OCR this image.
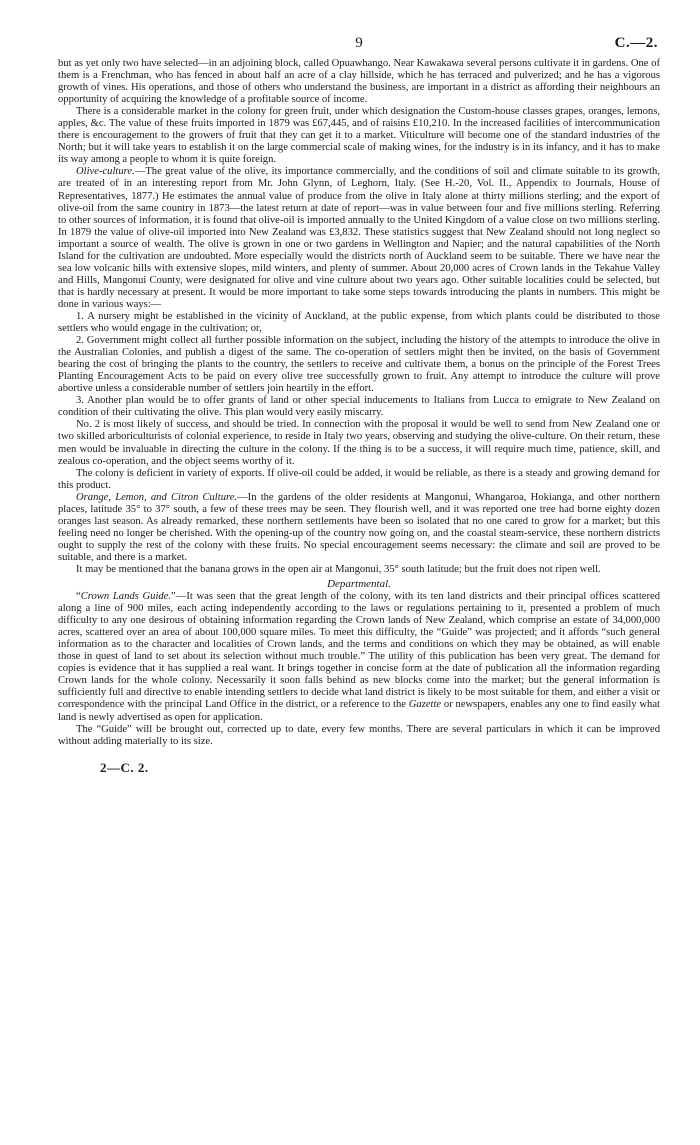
9	C.—2.

but as yet only two have selected—in an adjoining block, called Opuawhango. Near Kawakawa several persons cultivate it in gardens. One of them is a Frenchman, who has fenced in about half an acre of a clay hillside, which he has terraced and pulverized; and he has a vigorous growth of vines. His operations, and those of others who understand the business, are important in a district as affording their neighbours an opportunity of acquiring the knowledge of a profitable source of income.

There is a considerable market in the colony for green fruit, under which designation the Custom-house classes grapes, oranges, lemons, apples, &c. The value of these fruits imported in 1879 was £67,445, and of raisins £10,210. In the increased facilities of intercommunication there is encouragement to the growers of fruit that they can get it to a market. Viticulture will become one of the standard industries of the North; but it will take years to establish it on the large commercial scale of making wines, for the industry is in its infancy, and it has to make its way among a people to whom it is quite foreign.

Olive-culture.—The great value of the olive, its importance commercially, and the conditions of soil and climate suitable to its growth, are treated of in an interesting report from Mr. John Glynn, of Leghorn, Italy. (See H.-20, Vol. II., Appendix to Journals, House of Representatives, 1877.) He estimates the annual value of produce from the olive in Italy alone at thirty millions sterling; and the export of olive-oil from the same country in 1873—the latest return at date of report—was in value between four and five millions sterling. Referring to other sources of information, it is found that olive-oil is imported annually to the United Kingdom of a value close on two millions sterling. In 1879 the value of olive-oil imported into New Zealand was £3,832. These statistics suggest that New Zealand should not long neglect so important a source of wealth. The olive is grown in one or two gardens in Wellington and Napier; and the natural capabilities of the North Island for the cultivation are undoubted. More especially would the districts north of Auckland seem to be suitable. There we have near the sea low volcanic hills with extensive slopes, mild winters, and plenty of summer. About 20,000 acres of Crown lands in the Tekahue Valley and Hills, Mangonui County, were designated for olive and vine culture about two years ago. Other suitable localities could be selected, but that is hardly necessary at present. It would be more important to take some steps towards introducing the plants in numbers. This might be done in various ways:—

1. A nursery might be established in the vicinity of Auckland, at the public expense, from which plants could be distributed to those settlers who would engage in the cultivation; or,

2. Government might collect all further possible information on the subject, including the history of the attempts to introduce the olive in the Australian Colonies, and publish a digest of the same. The co-operation of settlers might then be invited, on the basis of Government bearing the cost of bringing the plants to the country, the settlers to receive and cultivate them, a bonus on the principle of the Forest Trees Planting Encouragement Acts to be paid on every olive tree successfully grown to fruit. Any attempt to introduce the culture will prove abortive unless a considerable number of settlers join heartily in the effort.

3. Another plan would be to offer grants of land or other special inducements to Italians from Lucca to emigrate to New Zealand on condition of their cultivating the olive. This plan would very easily miscarry.

No. 2 is most likely of success, and should be tried. In connection with the proposal it would be well to send from New Zealand one or two skilled arboriculturists of colonial experience, to reside in Italy two years, observing and studying the olive-culture. On their return, these men would be invaluable in directing the culture in the colony. If the thing is to be a success, it will require much time, patience, skill, and zealous co-operation, and the object seems worthy of it.

The colony is deficient in variety of exports. If olive-oil could be added, it would be reliable, as there is a steady and growing demand for this product.

Orange, Lemon, and Citron Culture.—In the gardens of the older residents at Mangonui, Whangaroa, Hokianga, and other northern places, latitude 35° to 37° south, a few of these trees may be seen. They flourish well, and it was reported one tree had borne eighty dozen oranges last season. As already remarked, these northern settlements have been so isolated that no one cared to grow for a market; but this feeling need no longer be cherished. With the opening-up of the country now going on, and the coastal steam-service, these northern districts ought to supply the rest of the colony with these fruits. No special encouragement seems necessary: the climate and soil are proved to be suitable, and there is a market.

It may be mentioned that the banana grows in the open air at Mangonui, 35° south latitude; but the fruit does not ripen well.

Departmental.

“Crown Lands Guide.”—It was seen that the great length of the colony, with its ten land districts and their principal offices scattered along a line of 900 miles, each acting independently according to the laws or regulations pertaining to it, presented a problem of much difficulty to any one desirous of obtaining information regarding the Crown lands of New Zealand, which comprise an estate of 34,000,000 acres, scattered over an area of about 100,000 square miles. To meet this difficulty, the “Guide” was projected; and it affords “such general information as to the character and localities of Crown lands, and the terms and conditions on which they may be obtained, as will enable those in quest of land to set about its selection without much trouble.” The utility of this publication has been very great. The demand for copies is evidence that it has supplied a real want. It brings together in concise form at the date of publication all the information regarding Crown lands for the whole colony. Necessarily it soon falls behind as new blocks come into the market; but the general information is sufficiently full and directive to enable intending settlers to decide what land district is likely to be most suitable for them, and either a visit or correspondence with the principal Land Office in the district, or a reference to the Gazette or newspapers, enables any one to find easily what land is newly advertised as open for application.

The “Guide” will be brought out, corrected up to date, every few months. There are several particulars in which it can be improved without adding materially to its size.

2—C. 2.
